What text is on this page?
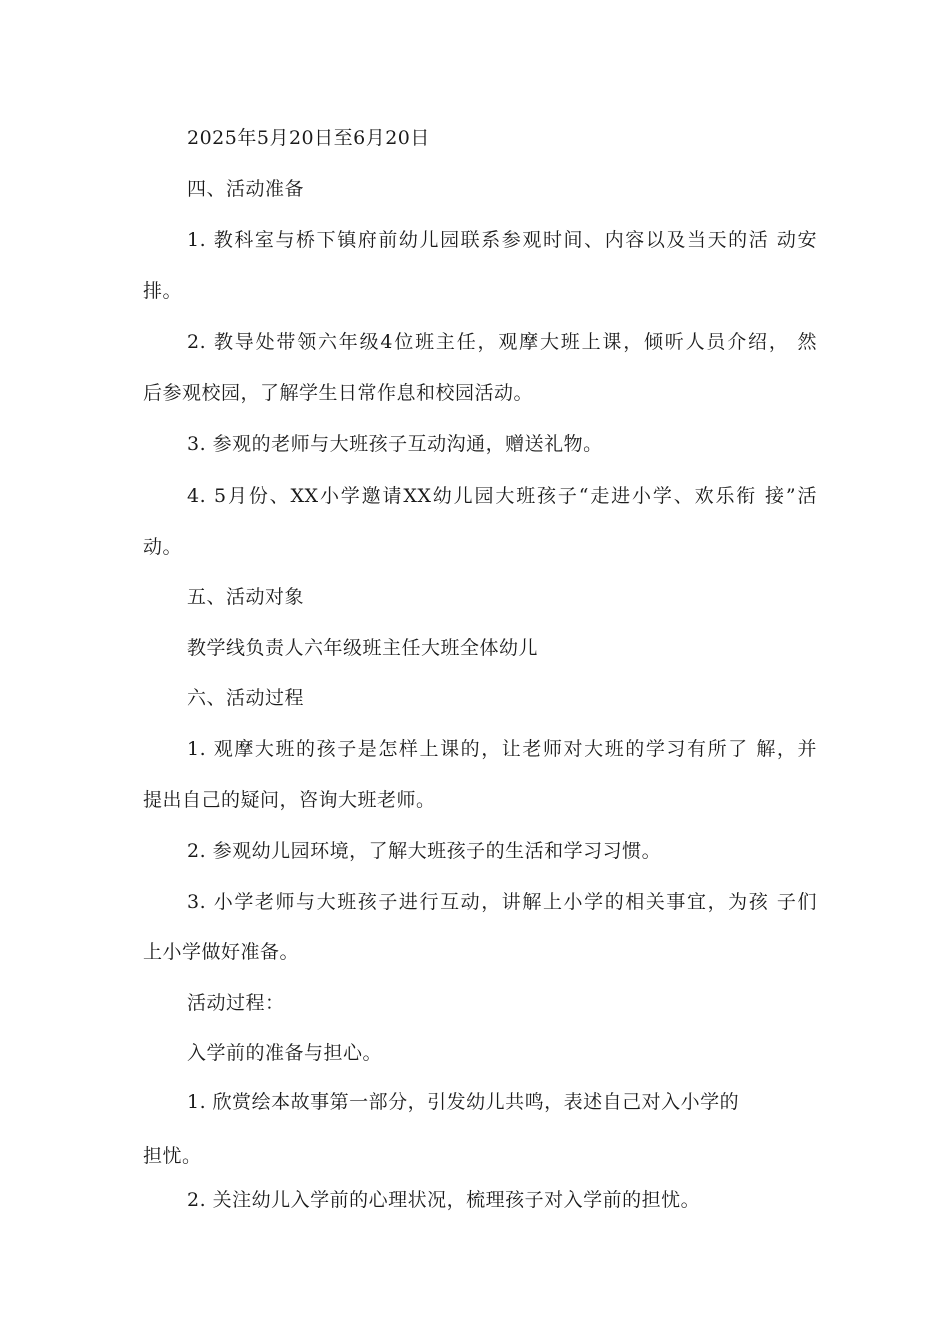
2025年5月20日至6月20日
四、活动准备
1. 教科室与桥下镇府前幼儿园联系参观时间、内容以及当天的活 动安
排。
2. 教导处带领六年级4位班主任，观摩大班上课，倾听人员介绍， 然
后参观校园，了解学生日常作息和校园活动。
3. 参观的老师与大班孩子互动沟通，赠送礼物。
4. 5月份、XX小学邀请XX幼儿园大班孩子“走进小学、欢乐衔 接”活
动。
五、活动对象
教学线负责人六年级班主任大班全体幼儿
六、活动过程
1. 观摩大班的孩子是怎样上课的，让老师对大班的学习有所了 解，并
提出自己的疑问，咨询大班老师。
2. 参观幼儿园环境，了解大班孩子的生活和学习习惯。
3. 小学老师与大班孩子进行互动，讲解上小学的相关事宜，为孩 子们
上小学做好准备。
活动过程：
入学前的准备与担心。
1. 欣赏绘本故事第一部分，引发幼儿共鸣，表述自己对入小学的
担忧。
2. 关注幼儿入学前的心理状况，梳理孩子对入学前的担忧。
